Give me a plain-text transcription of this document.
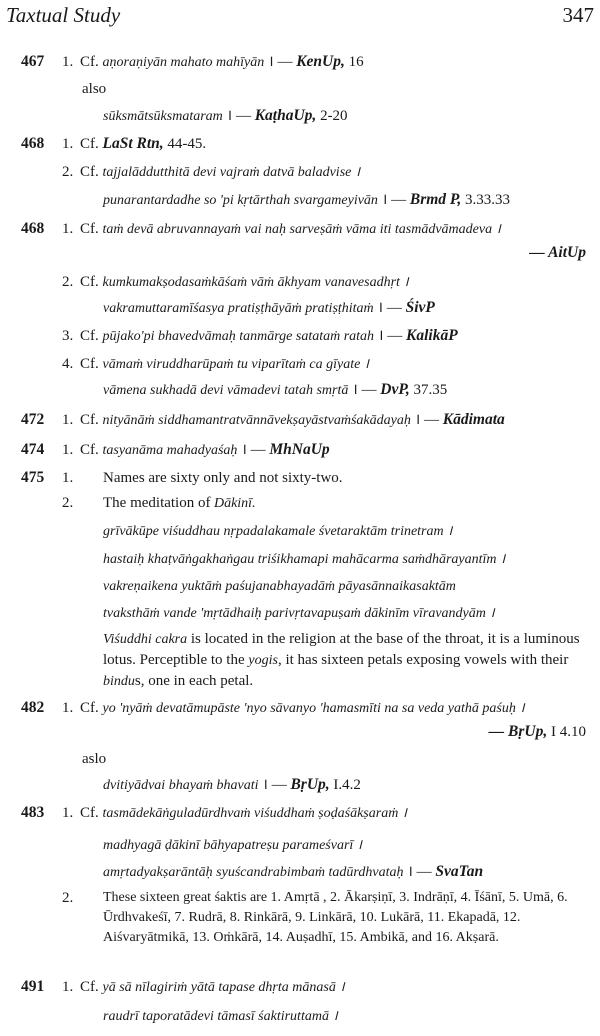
Taxtual Study	347
467 1. Cf. aṇoraṇiyān mahato mahīyān । — KenUp, 16
also
sūksmātsūksmataram । — KaṭhaUp, 2-20
468 1. Cf. LaSt Rtn, 44-45.
2. Cf. tajjalāddutthitā devi vajraṁ datvā baladvise ।
punarantardadhe so 'pi kṛtārthah svargameyivān । — Brmd P, 3.33.33
468 1. Cf. taṁ devā abruvannayaṁ vai naḥ sarveṣāṁ vāma iti tasmādvāmadeva ।
— AitUp
2. Cf. kumkumakṣodasaṁkāśaṁ vāṁ ākhyam vanavesadhṛt ।
vakramuttaramīśasya pratiṣṭhāyāṁ pratiṣṭhitaṁ । — ŚivP
3. Cf. pūjako'pi bhavedvāmaḥ tanmārge satataṁ ratah । — KalikāP
4. Cf. vāmaṁ viruddharūpaṁ tu viparītaṁ ca gīyate ।
vāmena sukhadā devi vāmadevi tatah smṛtā । — DvP, 37.35
472 1. Cf. nityānāṁ siddhamantratvānnāvekṣayāstvaṁśakādayaḥ । — Kādimata
474 1. Cf. tasyanāma mahadyaśaḥ । — MhNaUp
475 1. Names are sixty only and not sixty-two.
2. The meditation of Dākinī.
grīvākūpe viśuddhau nṛpadalakamale śvetaraktām trinetram ।
hastaiḥ khaṭvāṅgakhaṅgau triśikhamapi mahācarma saṁdhārayantīm ।
vakreṇaikena yuktāṁ paśujanabhayadāṁ pāyasānnaikasaktām
tvaksthāṁ vande 'mṛtādhaiḥ parivṛtavapuṣaṁ dākinīm vīravandyām ।
Viśuddhi cakra is located in the religion at the base of the throat, it is a luminous lotus. Perceptible to the yogis, it has sixteen petals exposing vowels with their bindus, one in each petal.
482 1. Cf. yo 'nyāṁ devatāmupāste 'nyo sāvanyo 'hamasmīti na sa veda yathā paśuḥ ।
— BṛUp, I 4.10
aslo
dvitiyādvai bhayaṁ bhavati । — BṛUp, I.4.2
483 1. Cf. tasmādekāṅguladūrdhvaṁ viśuddhaṁ ṣoḍaśākṣaraṁ ।
madhyagā ḍākinī bāhyapatreṣu parameśvarī ।
amṛtadyakṣarāntāḥ syuścandrabimbaṁ tadūrdhvataḥ । — SvaTan
2. These sixteen great śaktis are 1. Amṛtā , 2. Ākarṣiṇī, 3. Indrāṇī, 4. Īśānī, 5. Umā, 6. Ūrdhvakeśī, 7. Rudrā, 8. Rinkārā, 9. Linkārā, 10. Lukārā, 11. Ekapadā, 12. Aiśvaryātmikā, 13. Oṁkārā, 14. Auṣadhī, 15. Ambikā, and 16. Akṣarā.
491 1. Cf. yā sā nīlagiriṁ yātā tapase dhṛta mānasā ।
raudrī taporatādevi tāmasī śaktiruttamā ।
